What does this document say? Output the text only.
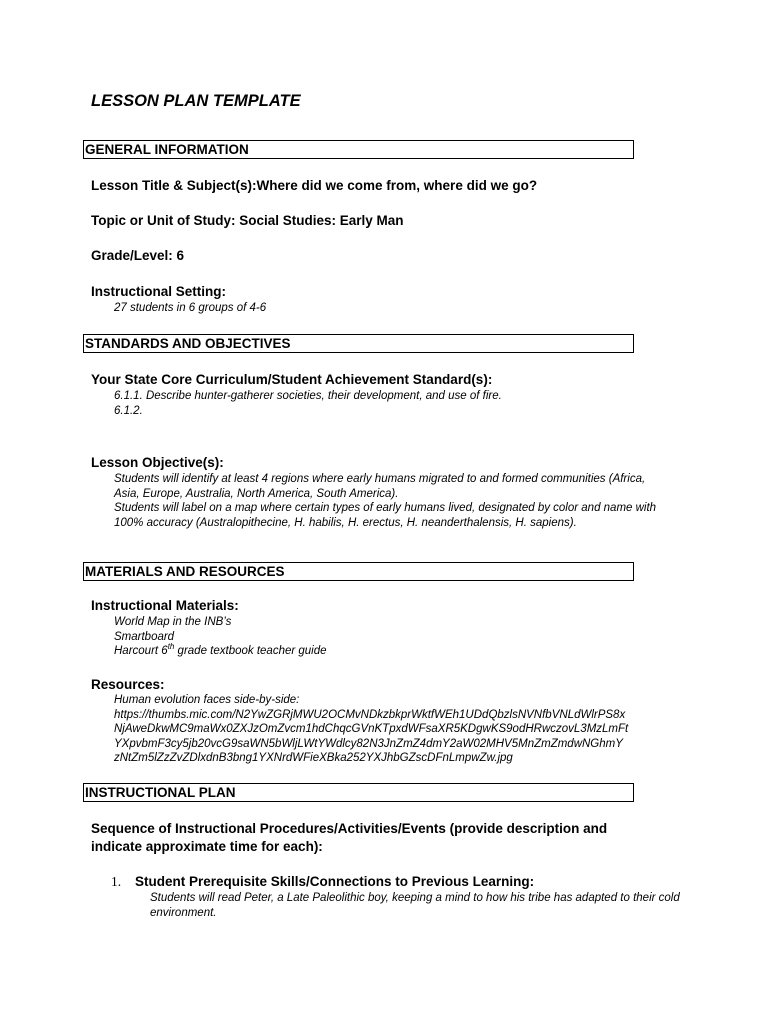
LESSON PLAN TEMPLATE
GENERAL INFORMATION
Lesson Title & Subject(s):Where did we come from, where did we go?
Topic or Unit of Study: Social Studies: Early Man
Grade/Level: 6
Instructional Setting:
27 students in 6 groups of 4-6
STANDARDS AND OBJECTIVES
Your State Core Curriculum/Student Achievement Standard(s):
6.1.1. Describe hunter-gatherer societies, their development, and use of fire.
6.1.2.
Lesson Objective(s):
Students will identify at least 4 regions where early humans migrated to and formed communities (Africa, Asia, Europe, Australia, North America, South America).
Students will label on a map where certain types of early humans lived, designated by color and name with 100% accuracy (Australopithecine, H. habilis, H. erectus, H. neanderthalensis, H. sapiens).
MATERIALS AND RESOURCES
Instructional Materials:
World Map in the INB’s
Smartboard
Harcourt 6th grade textbook teacher guide
Resources:
Human evolution faces side-by-side:
https://thumbs.mic.com/N2YwZGRjMWU2OCMvNDkzbkprWktfWEh1UDdQbzlsNVNfbVNLdWlrPS8x
NjAweDkwMC9maWx0ZXJzOmZvcm1hdChqcGVnKTpxdWFsaXR5KDgwKS9odHRwczovL3MzLmFt
YXpvbmF3cy5jb20vcG9saWN5bWljLWtYWdlcy82N3JnZmZ4dmY2aW02MHV5MnZmZmdwNGhmY
zNtZm5lZzZvZDlxdnB3bng1YXNrdWFieXBka252YXJhbGZscDFnLmpwZw.jpg
INSTRUCTIONAL PLAN
Sequence of Instructional Procedures/Activities/Events (provide description and
indicate approximate time for each):
1. Student Prerequisite Skills/Connections to Previous Learning:
Students will read Peter, a Late Paleolithic boy, keeping a mind to how his tribe has adapted to their cold environment.
